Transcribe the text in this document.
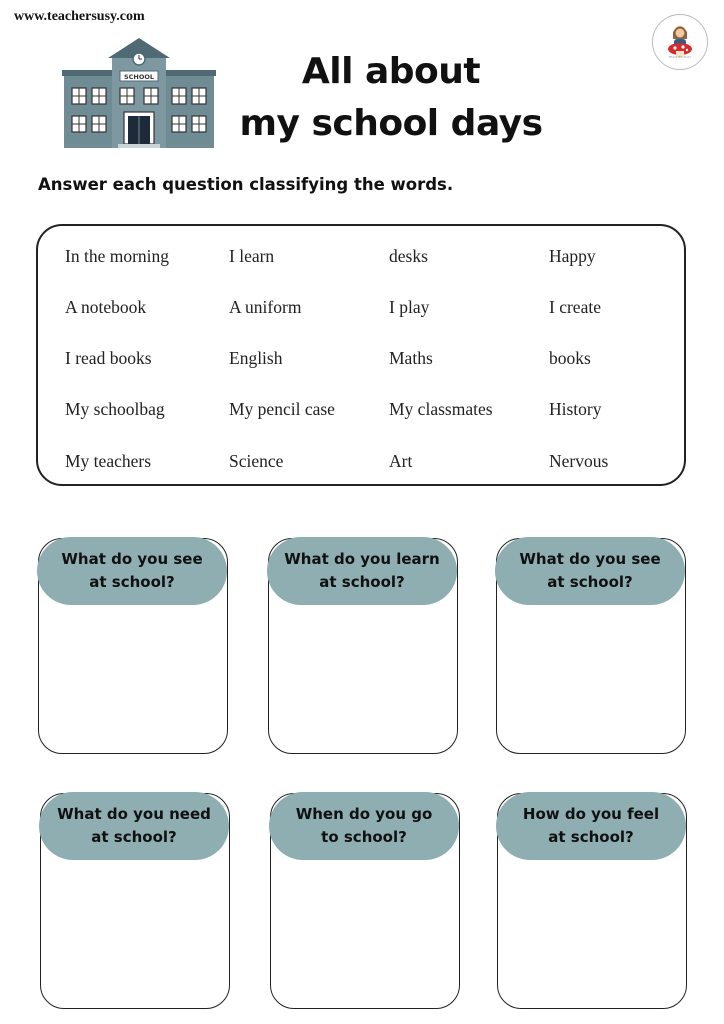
www.teachersusy.com
TEACHER SUSY
SCHOOL	All about
my school days

Answer each question classifying the words.

In the morning	I learn	desks	Happy
A notebook	A uniform	I play	I create
I read books	English	Maths	books
My schoolbag	My pencil case	My classmates	History
My teachers	Science	Art	Nervous
What do you see
at school?
What do you learn
at school?
What do you see
at school?
What do you need
at school?
When do you go
to school?
How do you feel
at school?
